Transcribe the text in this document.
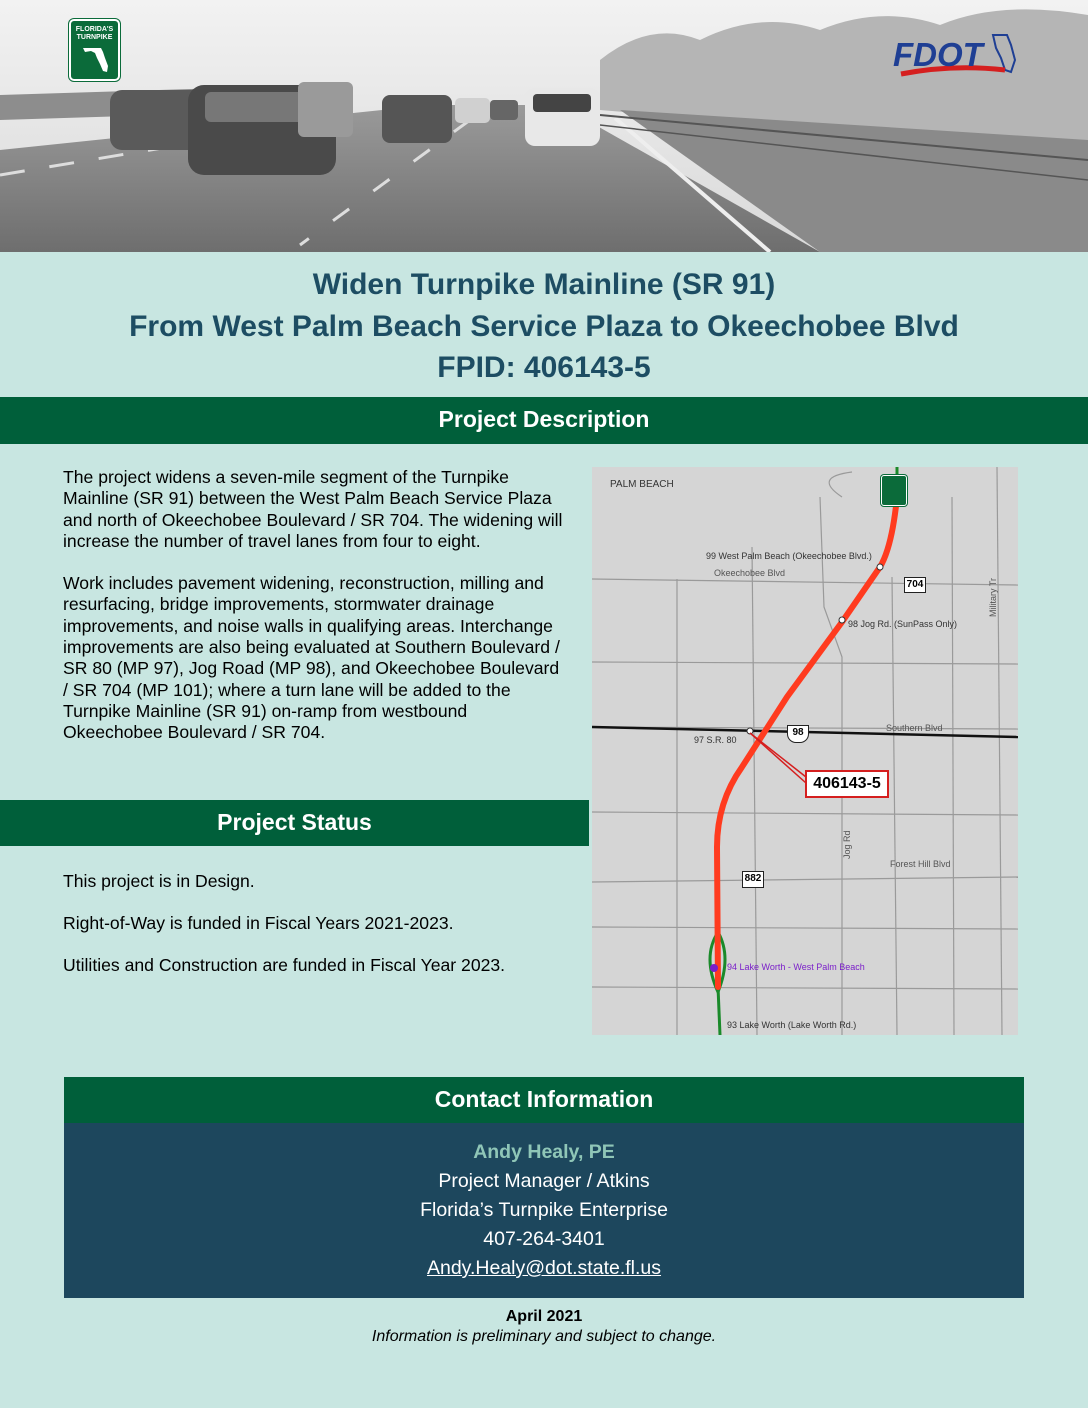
FLORIDA'S TURNPIKE	FDOT
Widen Turnpike Mainline (SR 91)
From West Palm Beach Service Plaza to Okeechobee Blvd
FPID: 406143-5
Project Description

The project widens a seven-mile segment of the Turnpike Mainline (SR 91) between the West Palm Beach Service Plaza and north of Okeechobee Boulevard / SR 704. The widening will increase the number of travel lanes from four to eight.

Work includes pavement widening, reconstruction, milling and resurfacing, bridge improvements, stormwater drainage improvements, and noise walls in qualifying areas. Interchange improvements are also being evaluated at Southern Boulevard / SR 80 (MP 97), Jog Road (MP 98), and Okeechobee Boulevard / SR 704 (MP 101); where a turn lane will be added to the Turnpike Mainline (SR 91) on-ramp from westbound Okeechobee Boulevard / SR 704.

Project Status

This project is in Design.

Right-of-Way is funded in Fiscal Years 2021-2023.

Utilities and Construction are funded in Fiscal Year 2023.

PALM BEACH
99 West Palm Beach (Okeechobee Blvd.)
Okeechobee Blvd
704
98 Jog Rd. (SunPass Only)
Military Tr
Southern Blvd
97 S.R. 80
98
406143-5
Jog Rd
Forest Hill Blvd
882
94 Lake Worth - West Palm Beach
93 Lake Worth (Lake Worth Rd.)
Contact Information
Andy Healy, PE
Project Manager / Atkins
Florida’s Turnpike Enterprise
407-264-3401
Andy.Healy@dot.state.fl.us
April 2021
Information is preliminary and subject to change.
